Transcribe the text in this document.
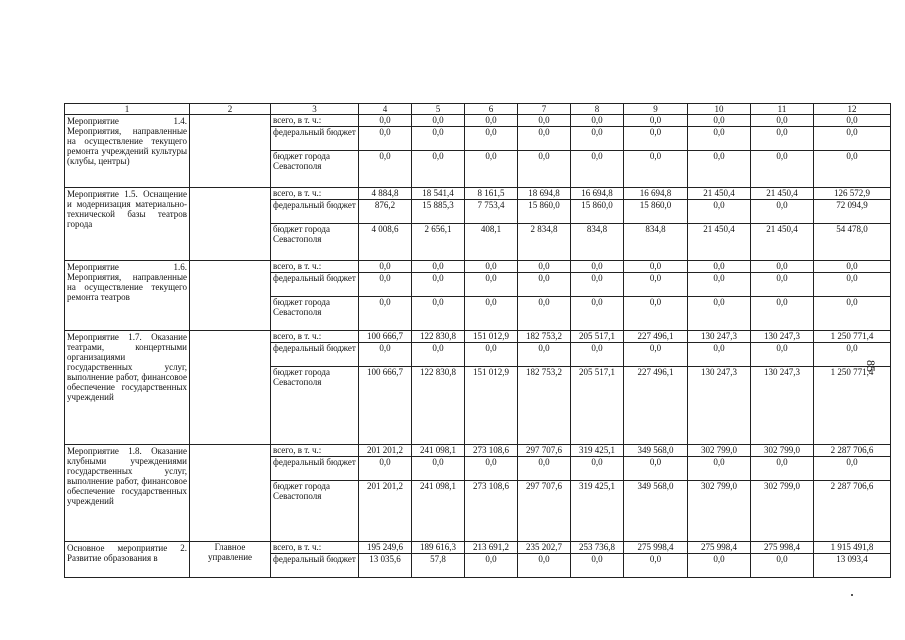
1	2	3	4	5	6	7	8	9	10	11	12
Мероприятие 1.4. Мероприятия, направленные на осуществление текущего ремонта учреждений культуры (клубы, центры)		всего, в т. ч.:	0,0	0,0	0,0	0,0	0,0	0,0	0,0	0,0	0,0
		федеральный бюджет	0,0	0,0	0,0	0,0	0,0	0,0	0,0	0,0	0,0
		бюджет города Севастополя	0,0	0,0	0,0	0,0	0,0	0,0	0,0	0,0	0,0
Мероприятие 1.5. Оснащение и модернизация материально-технической базы театров города		всего, в т. ч.:	4 884,8	18 541,4	8 161,5	18 694,8	16 694,8	16 694,8	21 450,4	21 450,4	126 572,9
		федеральный бюджет	876,2	15 885,3	7 753,4	15 860,0	15 860,0	15 860,0	0,0	0,0	72 094,9
		бюджет города Севастополя	4 008,6	2 656,1	408,1	2 834,8	834,8	834,8	21 450,4	21 450,4	54 478,0
Мероприятие 1.6. Мероприятия, направленные на осуществление текущего ремонта театров		всего, в т. ч.:	0,0	0,0	0,0	0,0	0,0	0,0	0,0	0,0	0,0
		федеральный бюджет	0,0	0,0	0,0	0,0	0,0	0,0	0,0	0,0	0,0
		бюджет города Севастополя	0,0	0,0	0,0	0,0	0,0	0,0	0,0	0,0	0,0
Мероприятие 1.7. Оказание театрами, концертными организациями государственных услуг, выполнение работ, финансовое обеспечение государственных учреждений		всего, в т. ч.:	100 666,7	122 830,8	151 012,9	182 753,2	205 517,1	227 496,1	130 247,3	130 247,3	1 250 771,4
		федеральный бюджет	0,0	0,0	0,0	0,0	0,0	0,0	0,0	0,0	0,0
		бюджет города Севастополя	100 666,7	122 830,8	151 012,9	182 753,2	205 517,1	227 496,1	130 247,3	130 247,3	1 250 771,4
Мероприятие 1.8. Оказание клубными учреждениями государственных услуг, выполнение работ, финансовое обеспечение государственных учреждений		всего, в т. ч.:	201 201,2	241 098,1	273 108,6	297 707,6	319 425,1	349 568,0	302 799,0	302 799,0	2 287 706,6
		федеральный бюджет	0,0	0,0	0,0	0,0	0,0	0,0	0,0	0,0	0,0
		бюджет города Севастополя	201 201,2	241 098,1	273 108,6	297 707,6	319 425,1	349 568,0	302 799,0	302 799,0	2 287 706,6
Основное мероприятие 2. Развитие образования в	Главное управление	всего, в т. ч.:	195 249,6	189 616,3	213 691,2	235 202,7	253 736,8	275 998,4	275 998,4	275 998,4	1 915 491,8
		федеральный бюджет	13 035,6	57,8	0,0	0,0	0,0	0,0	0,0	0,0	13 093,4
85
